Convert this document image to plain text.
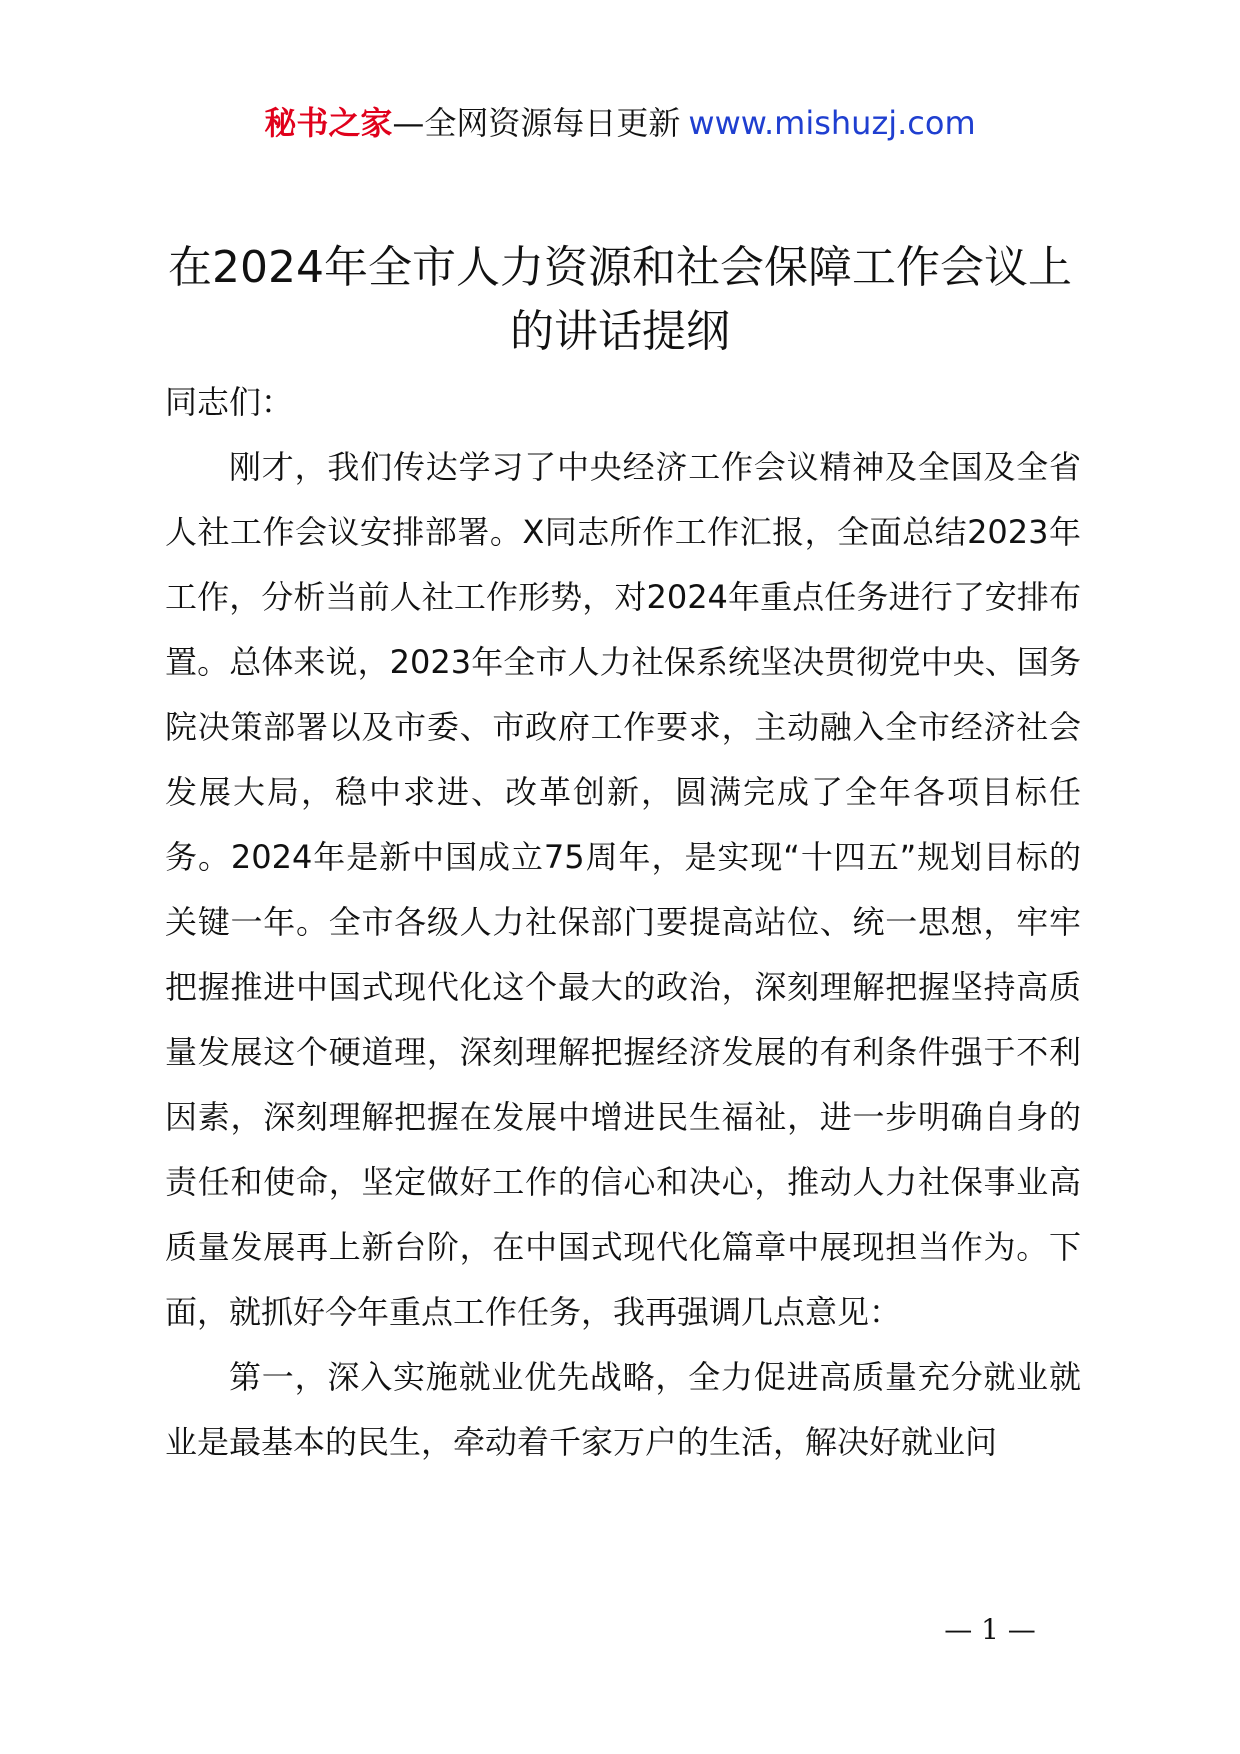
秘书之家—全网资源每日更新 www.mishuzj.com
在2024年全市人力资源和社会保障工作会议上的讲话提纲

同志们：

刚才，我们传达学习了中央经济工作会议精神及全国及全省人社工作会议安排部署。X同志所作工作汇报，全面总结2023年工作，分析当前人社工作形势，对2024年重点任务进行了安排布置。总体来说，2023年全市人力社保系统坚决贯彻党中央、国务院决策部署以及市委、市政府工作要求，主动融入全市经济社会发展大局，稳中求进、改革创新，圆满完成了全年各项目标任务。2024年是新中国成立75周年，是实现“十四五”规划目标的关键一年。全市各级人力社保部门要提高站位、统一思想，牢牢把握推进中国式现代化这个最大的政治，深刻理解把握坚持高质量发展这个硬道理，深刻理解把握经济发展的有利条件强于不利因素，深刻理解把握在发展中增进民生福祉，进一步明确自身的责任和使命，坚定做好工作的信心和决心，推动人力社保事业高质量发展再上新台阶，在中国式现代化篇章中展现担当作为。下面，就抓好今年重点工作任务，我再强调几点意见：

第一，深入实施就业优先战略，全力促进高质量充分就业就业是最基本的民生，牵动着千家万户的生活，解决好就业问

— 1 —
